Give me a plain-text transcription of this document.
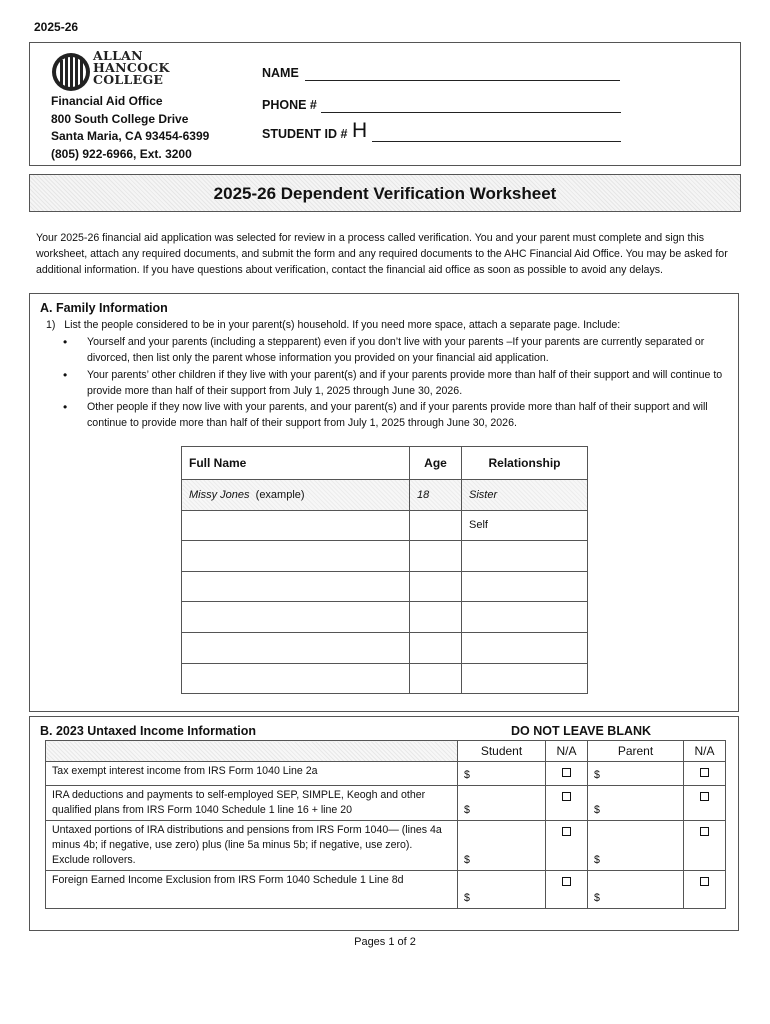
2025-26
ALLAN
HANCOCK
COLLEGE
Financial Aid Office
800 South College Drive
Santa Maria, CA 93454-6399
(805) 922-6966, Ext. 3200
NAME
PHONE #
STUDENT ID # H
2025-26 Dependent Verification Worksheet
Your 2025-26 financial aid application was selected for review in a process called verification. You and your parent must complete and sign this worksheet, attach any required documents, and submit the form and any required documents to the AHC Financial Aid Office. You may be asked for additional information. If you have questions about verification, contact the financial aid office as soon as possible to avoid any delays.
A. Family Information
1) List the people considered to be in your parent(s) household. If you need more space, attach a separate page. Include:
• Yourself and your parents (including a stepparent) even if you don’t live with your parents –If your parents are currently separated or divorced, then list only the parent whose information you provided on your financial aid application.
• Your parents’ other children if they live with your parent(s) and if your parents provide more than half of their support and will continue to provide more than half of their support from July 1, 2025 through June 30, 2026.
• Other people if they now live with your parents, and your parent(s) and if your parents provide more than half of their support and will continue to provide more than half of their support from July 1, 2025 through June 30, 2026.
Full Name	Age	Relationship
Missy Jones (example)	18	Sister
		Self

B. 2023 Untaxed Income Information	DO NOT LEAVE BLANK
	Student	N/A	Parent	N/A
Tax exempt interest income from IRS Form 1040 Line 2a	$		$	
IRA deductions and payments to self-employed SEP, SIMPLE, Keogh and other qualified plans from IRS Form 1040 Schedule 1 line 16 + line 20	$		$	
Untaxed portions of IRA distributions and pensions from IRS Form 1040— (lines 4a minus 4b; if negative, use zero) plus (line 5a minus 5b; if negative, use zero). Exclude rollovers.	$		$	
Foreign Earned Income Exclusion from IRS Form 1040 Schedule 1 Line 8d	$		$	
Pages 1 of 2
